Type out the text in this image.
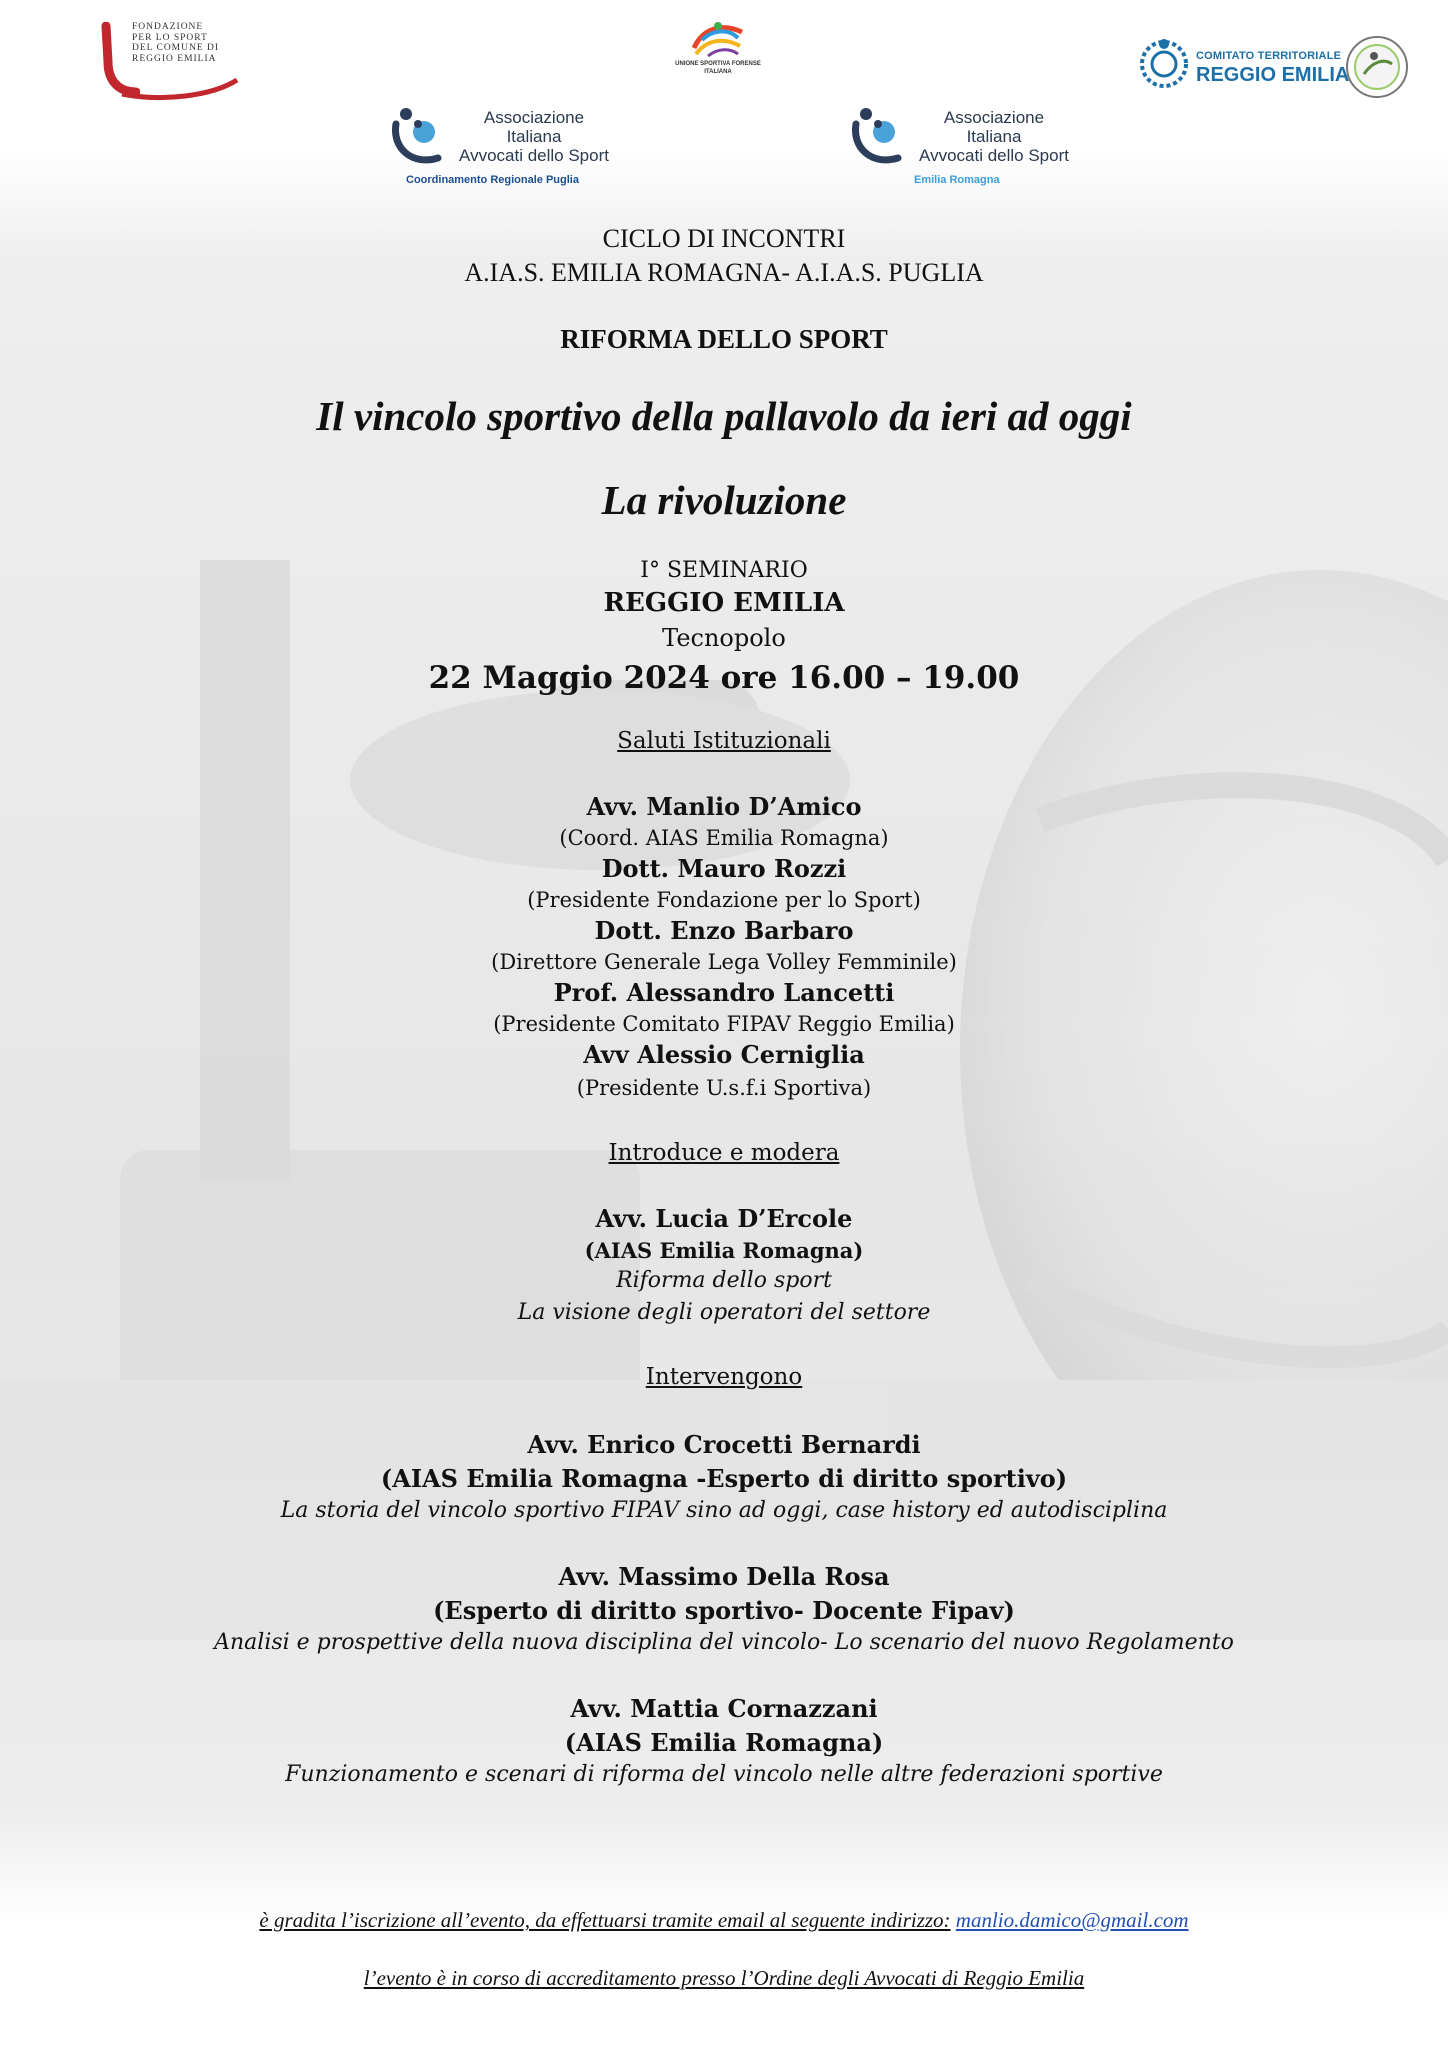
FONDAZIONE
PER LO SPORT
DEL COMUNE DI
REGGIO EMILIA
UNIONE SPORTIVA FORENSE
ITALIANA
COMITATO TERRITORIALE
REGGIO EMILIA
Associazione
Italiana
Avvocati dello Sport
Coordinamento Regionale Puglia
Associazione
Italiana
Avvocati dello Sport
Emilia Romagna
CICLO DI INCONTRI
A.IA.S. EMILIA ROMAGNA- A.I.A.S. PUGLIA
RIFORMA DELLO SPORT
Il vincolo sportivo della pallavolo da ieri ad oggi
La rivoluzione
I° SEMINARIO
REGGIO EMILIA
Tecnopolo
22 Maggio 2024 ore 16.00 – 19.00
Saluti Istituzionali
Avv. Manlio D’Amico
(Coord. AIAS Emilia Romagna)
Dott. Mauro Rozzi
(Presidente Fondazione per lo Sport)
Dott. Enzo Barbaro
(Direttore Generale Lega Volley Femminile)
Prof. Alessandro Lancetti
(Presidente Comitato FIPAV Reggio Emilia)
Avv Alessio Cerniglia
(Presidente U.s.f.i Sportiva)
Introduce e modera
Avv. Lucia D’Ercole
(AIAS Emilia Romagna)
Riforma dello sport
La visione degli operatori del settore
Intervengono
Avv. Enrico Crocetti Bernardi
(AIAS Emilia Romagna -Esperto di diritto sportivo)
La storia del vincolo sportivo FIPAV sino ad oggi, case history ed autodisciplina
Avv. Massimo Della Rosa
(Esperto di diritto sportivo- Docente Fipav)
Analisi e prospettive della nuova disciplina del vincolo- Lo scenario del nuovo Regolamento
Avv. Mattia Cornazzani
(AIAS Emilia Romagna)
Funzionamento e scenari di riforma del vincolo nelle altre federazioni sportive
è gradita l’iscrizione all’evento, da effettuarsi tramite email al seguente indirizzo: manlio.damico@gmail.com
l’evento è in corso di accreditamento presso l’Ordine degli Avvocati di Reggio Emilia
